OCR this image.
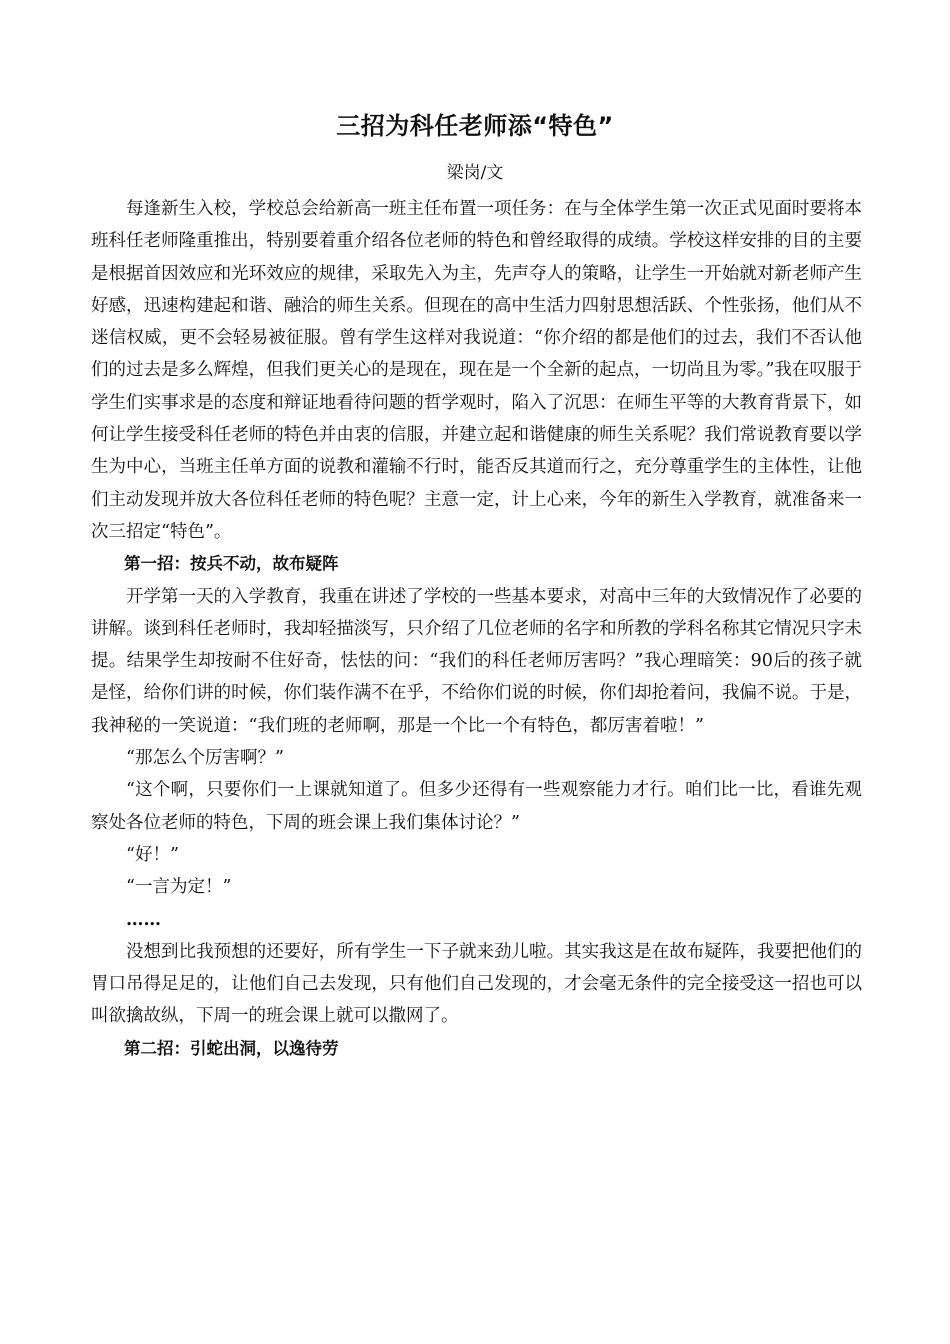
三招为科任老师添“特色”
梁岗/文

每逢新生入校，学校总会给新高一班主任布置一项任务：在与全体学生第一次正式见面时要将本班科任老师隆重推出，特别要着重介绍各位老师的特色和曾经取得的成绩。学校这样安排的目的主要是根据首因效应和光环效应的规律，采取先入为主，先声夺人的策略，让学生一开始就对新老师产生好感，迅速构建起和谐、融洽的师生关系。但现在的高中生活力四射思想活跃、个性张扬，他们从不迷信权威，更不会轻易被征服。曾有学生这样对我说道：“你介绍的都是他们的过去，我们不否认他们的过去是多么辉煌，但我们更关心的是现在，现在是一个全新的起点，一切尚且为零。”我在叹服于学生们实事求是的态度和辩证地看待问题的哲学观时，陷入了沉思：在师生平等的大教育背景下，如何让学生接受科任老师的特色并由衷的信服，并建立起和谐健康的师生关系呢？我们常说教育要以学生为中心，当班主任单方面的说教和灌输不行时，能否反其道而行之，充分尊重学生的主体性，让他们主动发现并放大各位科任老师的特色呢？主意一定，计上心来，今年的新生入学教育，就准备来一次三招定“特色”。

第一招：按兵不动，故布疑阵

开学第一天的入学教育，我重在讲述了学校的一些基本要求，对高中三年的大致情况作了必要的讲解。谈到科任老师时，我却轻描淡写，只介绍了几位老师的名字和所教的学科名称其它情况只字未提。结果学生却按耐不住好奇，怯怯的问：“我们的科任老师厉害吗？”我心理暗笑：90后的孩子就是怪，给你们讲的时候，你们装作满不在乎，不给你们说的时候，你们却抢着问，我偏不说。于是，我神秘的一笑说道：“我们班的老师啊，那是一个比一个有特色，都厉害着啦！”

“那怎么个厉害啊？”

“这个啊，只要你们一上课就知道了。但多少还得有一些观察能力才行。咱们比一比，看谁先观察处各位老师的特色，下周的班会课上我们集体讨论？”

“好！”

“一言为定！”

……

没想到比我预想的还要好，所有学生一下子就来劲儿啦。其实我这是在故布疑阵，我要把他们的胃口吊得足足的，让他们自己去发现，只有他们自己发现的，才会毫无条件的完全接受这一招也可以叫欲擒故纵，下周一的班会课上就可以撒网了。

第二招：引蛇出洞，以逸待劳
